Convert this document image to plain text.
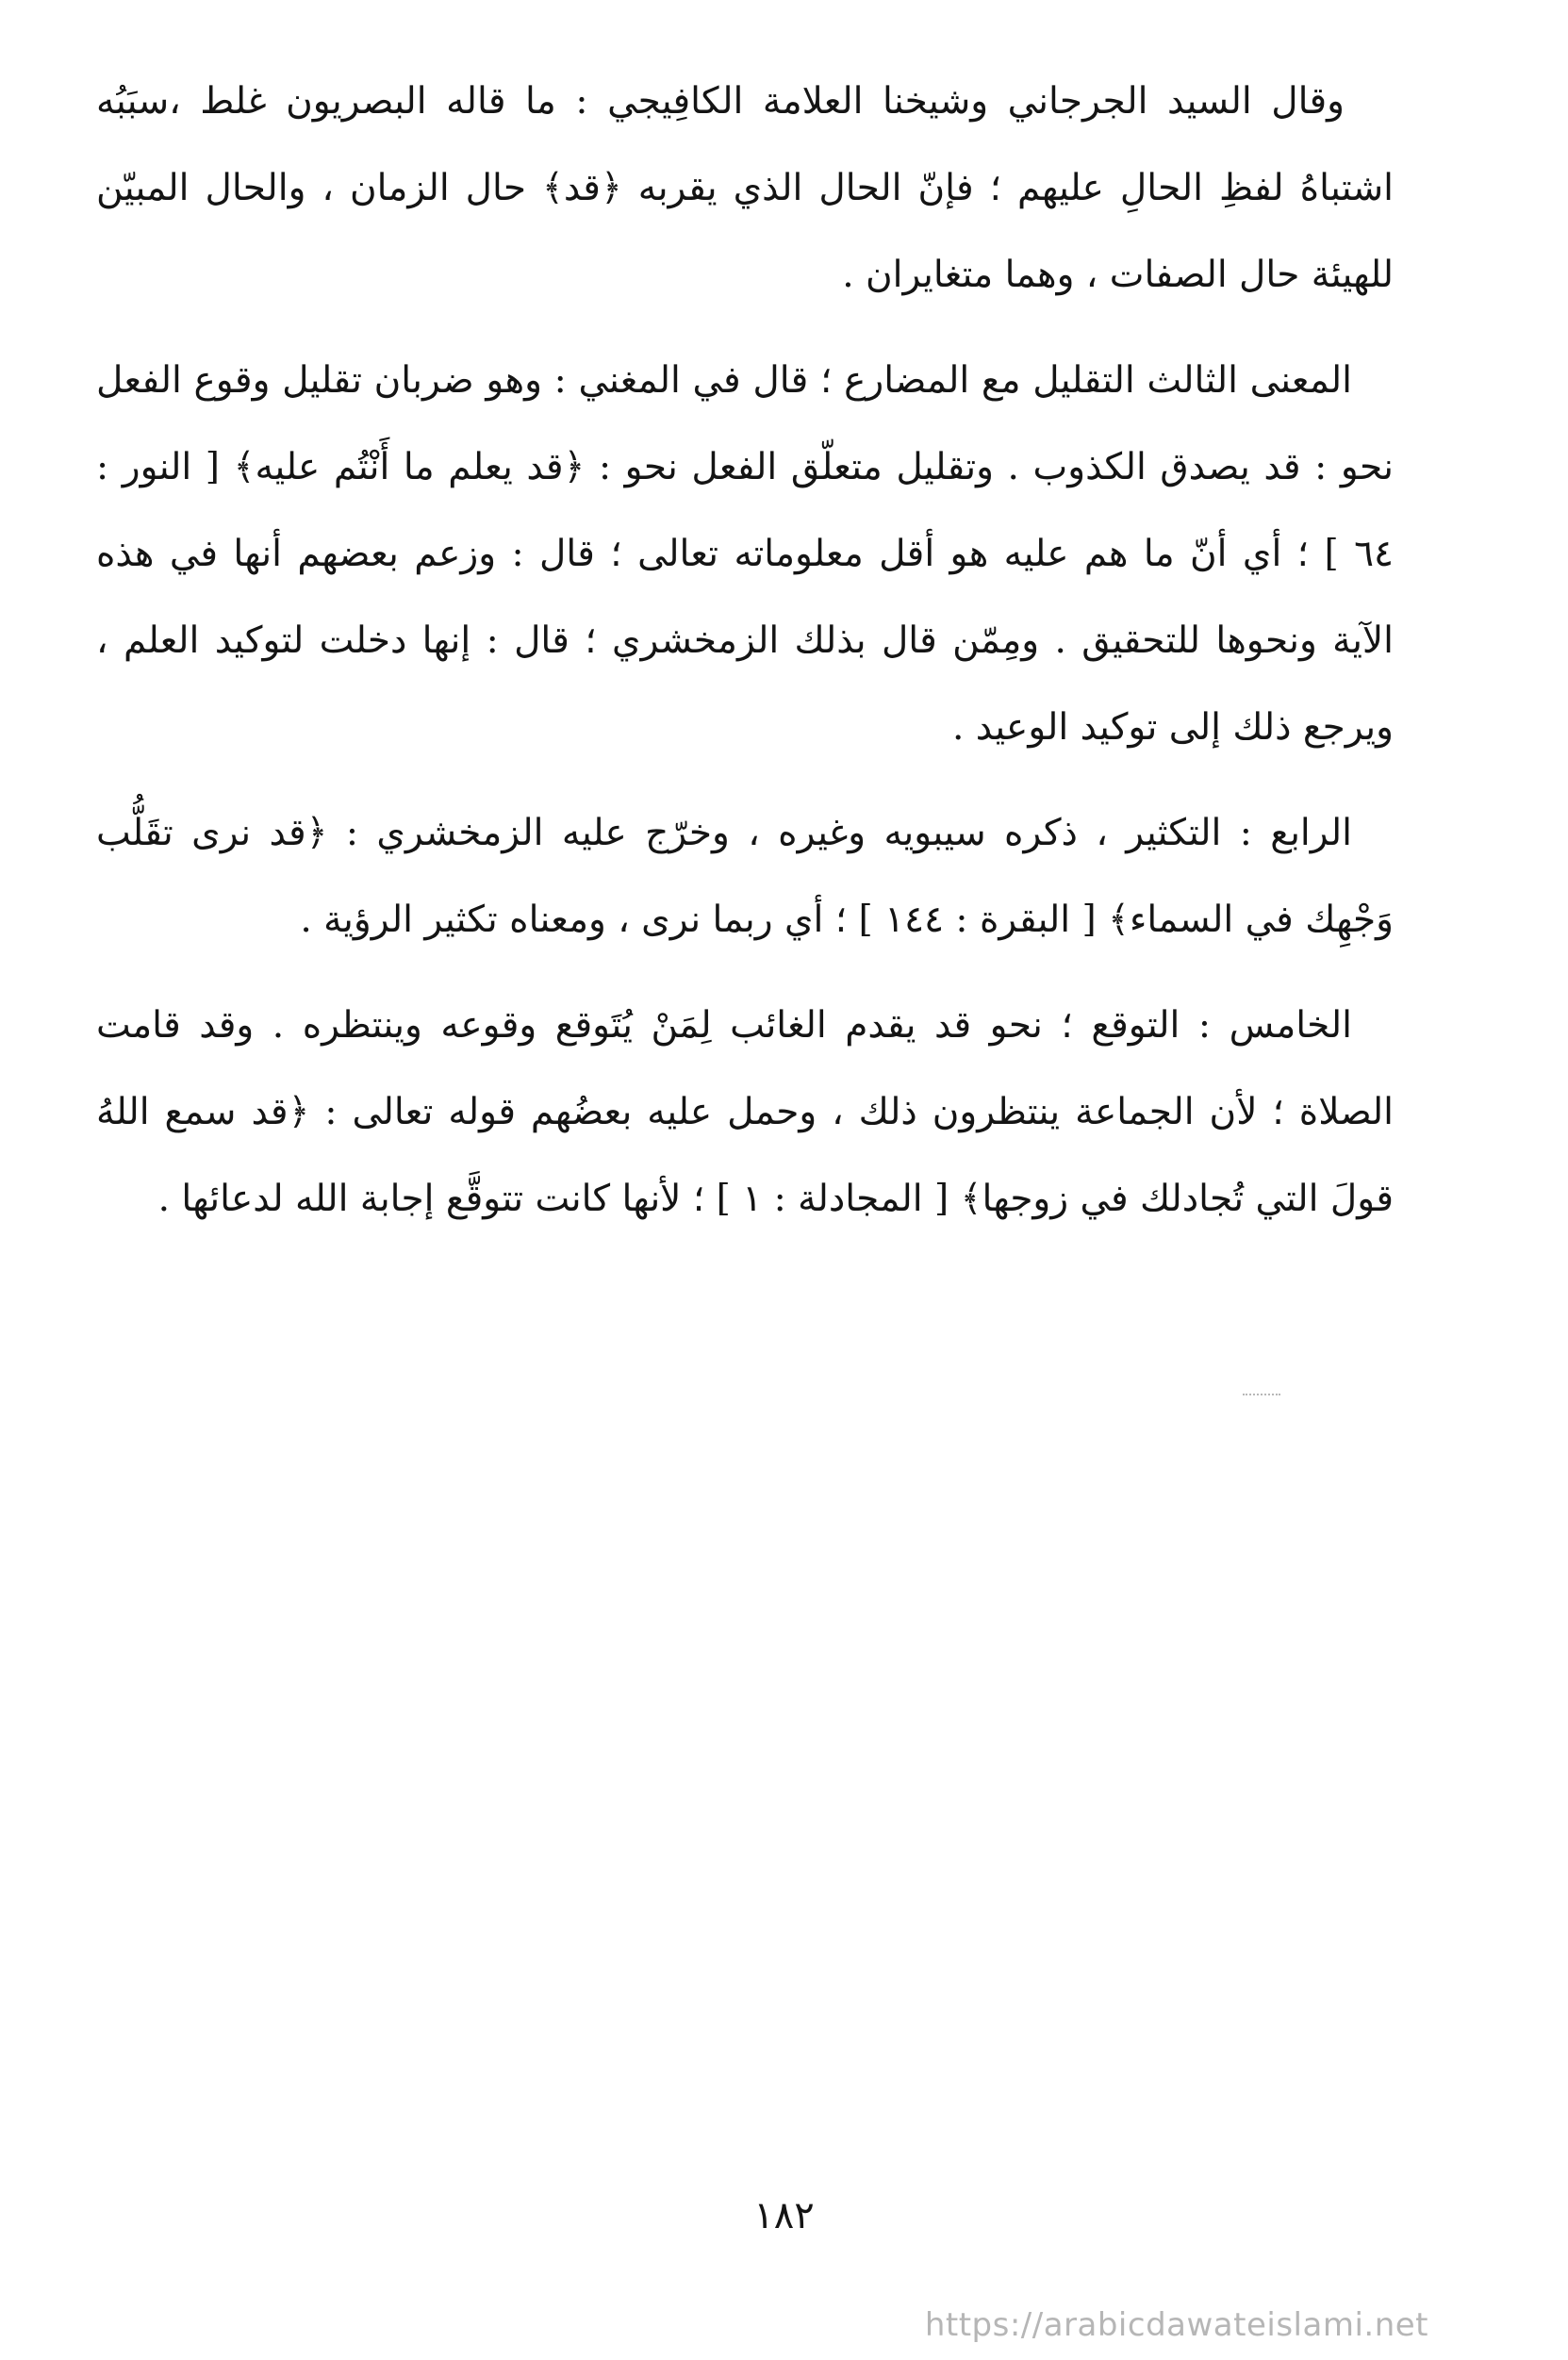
وقال السيد الجرجاني وشيخنا العلامة الكافِيجي : ما قاله البصريون غلط ،سبَبُه اشتباهُ لفظِ الحالِ عليهم ؛ فإنّ الحال الذي يقربه ﴿قد﴾ حال الزمان ، والحال المبيّن للهيئة حال الصفات ، وهما متغايران .

المعنى الثالث التقليل مع المضارع ؛ قال في المغني : وهو ضربان تقليل وقوع الفعل نحو : قد يصدق الكذوب . وتقليل متعلّق الفعل نحو : ﴿قد يعلم ما أَنْتُم عليه﴾ [ النور : ٦٤ ] ؛ أي أنّ ما هم عليه هو أقل معلوماته تعالى ؛ قال : وزعم بعضهم أنها في هذه الآية ونحوها للتحقيق . ومِمّن قال بذلك الزمخشري ؛ قال : إنها دخلت لتوكيد العلم ، ويرجع ذلك إلى توكيد الوعيد .

الرابع : التكثير ، ذكره سيبويه وغيره ، وخرّج عليه الزمخشري : ﴿قد نرى تقَلُّب وَجْهِك في السماء﴾ [ البقرة : ١٤٤ ] ؛ أي ربما نرى ، ومعناه تكثير الرؤية .

الخامس : التوقع ؛ نحو قد يقدم الغائب لِمَنْ يُتَوقع وقوعه وينتظره . وقد قامت الصلاة ؛ لأن الجماعة ينتظرون ذلك ، وحمل عليه بعضُهم قوله تعالى : ﴿قد سمع اللهُ قولَ التي تُجادلك في زوجها﴾ [ المجادلة : ١ ] ؛ لأنها كانت تتوقَّع إجابة الله لدعائها .

١٨٢
https://arabicdawateislami.net
